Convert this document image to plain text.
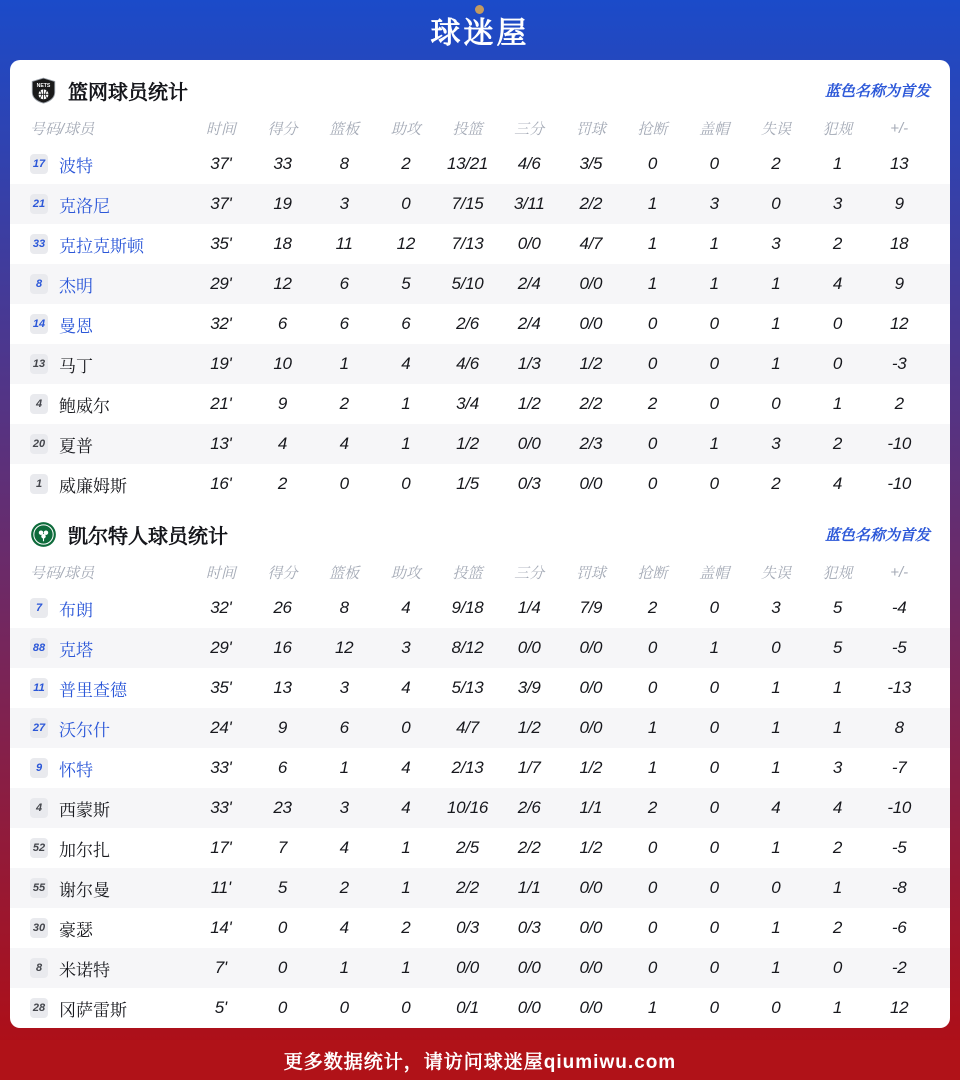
球迷屋
NETS 篮网球员统计	蓝色名称为首发
号码/球员	时间	得分	篮板	助攻	投篮	三分	罚球	抢断	盖帽	失误	犯规	+/-
17 波特	37'	33	8	2	13/21	4/6	3/5	0	0	2	1	13
21 克洛尼	37'	19	3	0	7/15	3/11	2/2	1	3	0	3	9
33 克拉克斯顿	35'	18	11	12	7/13	0/0	4/7	1	1	3	2	18
8 杰明	29'	12	6	5	5/10	2/4	0/0	1	1	1	4	9
14 曼恩	32'	6	6	6	2/6	2/4	0/0	0	0	1	0	12
13 马丁	19'	10	1	4	4/6	1/3	1/2	0	0	1	0	-3
4 鲍威尔	21'	9	2	1	3/4	1/2	2/2	2	0	0	1	2
20 夏普	13'	4	4	1	1/2	0/0	2/3	0	1	3	2	-10
1 威廉姆斯	16'	2	0	0	1/5	0/3	0/0	0	0	2	4	-10
凯尔特人球员统计	蓝色名称为首发
号码/球员	时间	得分	篮板	助攻	投篮	三分	罚球	抢断	盖帽	失误	犯规	+/-
7 布朗	32'	26	8	4	9/18	1/4	7/9	2	0	3	5	-4
88 克塔	29'	16	12	3	8/12	0/0	0/0	0	1	0	5	-5
11 普里查德	35'	13	3	4	5/13	3/9	0/0	0	0	1	1	-13
27 沃尔什	24'	9	6	0	4/7	1/2	0/0	1	0	1	1	8
9 怀特	33'	6	1	4	2/13	1/7	1/2	1	0	1	3	-7
4 西蒙斯	33'	23	3	4	10/16	2/6	1/1	2	0	4	4	-10
52 加尔扎	17'	7	4	1	2/5	2/2	1/2	0	0	1	2	-5
55 谢尔曼	11'	5	2	1	2/2	1/1	0/0	0	0	0	1	-8
30 豪瑟	14'	0	4	2	0/3	0/3	0/0	0	0	1	2	-6
8 米诺特	7'	0	1	1	0/0	0/0	0/0	0	0	1	0	-2
28 冈萨雷斯	5'	0	0	0	0/1	0/0	0/0	1	0	0	1	12
更多数据统计，请访问球迷屋qiumiwu.com
